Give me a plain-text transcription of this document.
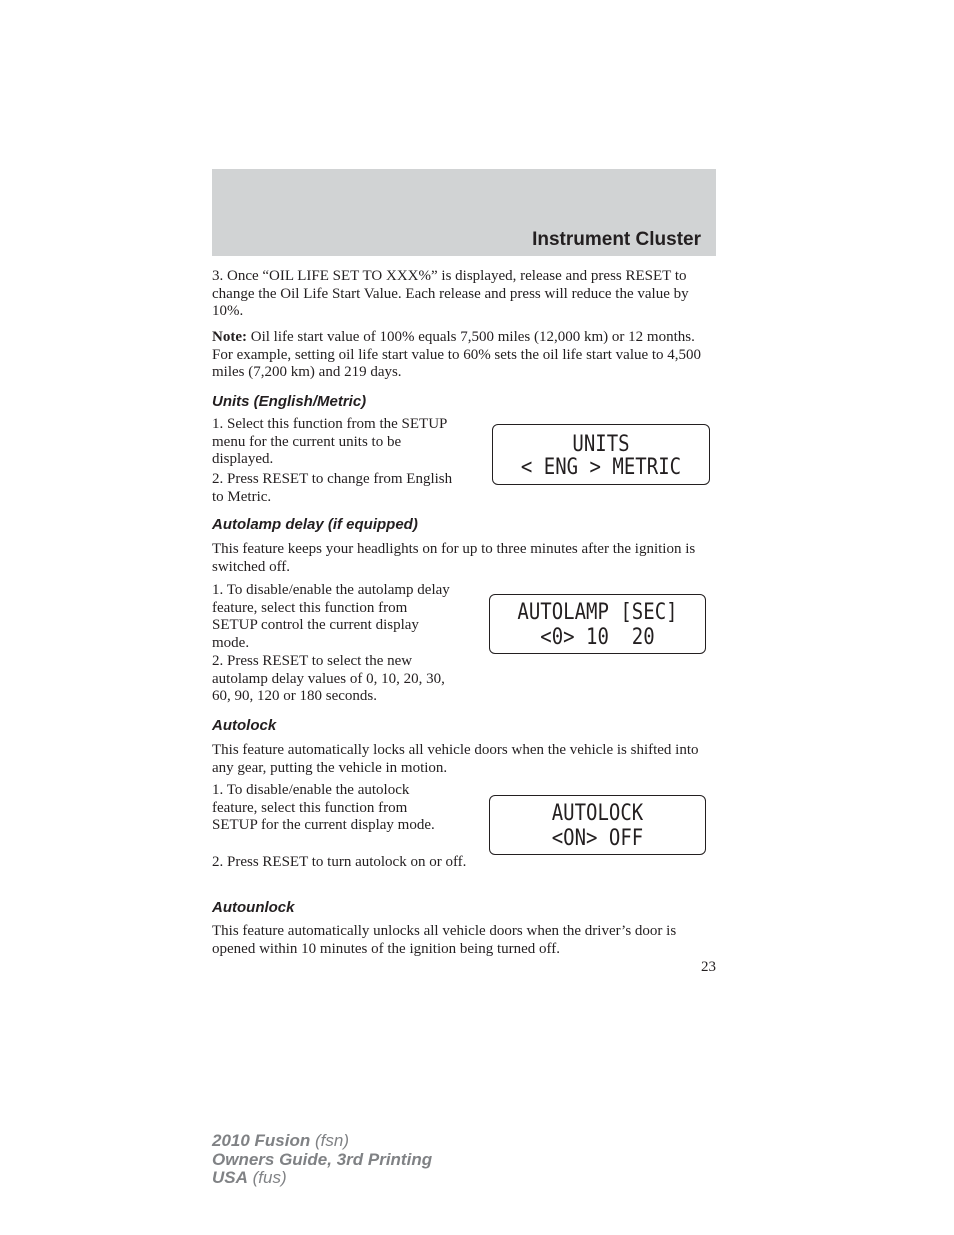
Instrument Cluster

3. Once “OIL LIFE SET TO XXX%” is displayed, release and press RESET to change the Oil Life Start Value. Each release and press will reduce the value by 10%.

Note: Oil life start value of 100% equals 7,500 miles (12,000 km) or 12 months. For example, setting oil life start value to 60% sets the oil life start value to 4,500 miles (7,200 km) and 219 days.

Units (English/Metric)

1. Select this function from the SETUP menu for the current units to be displayed.

2. Press RESET to change from English to Metric.

UNITS
< ENG > METRIC
Autolamp delay (if equipped)

This feature keeps your headlights on for up to three minutes after the ignition is switched off.

1. To disable/enable the autolamp delay feature, select this function from SETUP control the current display mode.

2. Press RESET to select the new autolamp delay values of 0, 10, 20, 30, 60, 90, 120 or 180 seconds.

AUTOLAMP [SEC]
<0> 10  20
Autolock

This feature automatically locks all vehicle doors when the vehicle is shifted into any gear, putting the vehicle in motion.

1. To disable/enable the autolock feature, select this function from SETUP for the current display mode.

2. Press RESET to turn autolock on or off.

AUTOLOCK
<ON> OFF
Autounlock

This feature automatically unlocks all vehicle doors when the driver’s door is opened within 10 minutes of the ignition being turned off.

23
2010 Fusion (fsn)
Owners Guide, 3rd Printing
USA (fus)
